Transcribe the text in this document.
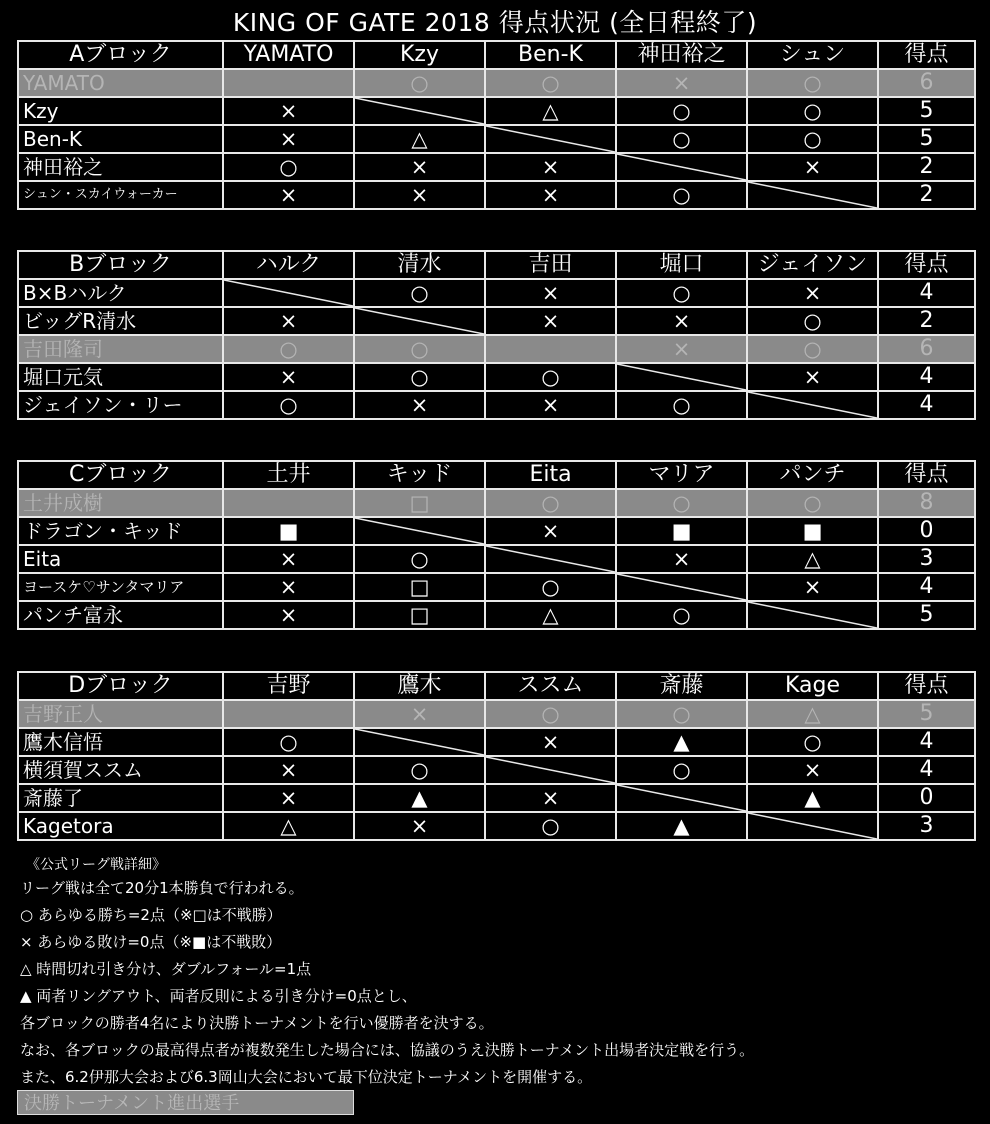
KING OF GATE 2018 得点状況 (全日程終了)
Aブロック	YAMATO	Kzy	Ben-K	神田裕之	シュン	得点
YAMATO		○	○	×	○	6
Kzy	×		△	○	○	5
Ben-K	×	△		○	○	5
神田裕之	○	×	×		×	2
シュン・スカイウォーカー	×	×	×	○		2
Bブロック	ハルク	清水	吉田	堀口	ジェイソン	得点
B×Bハルク		○	×	○	×	4
ビッグR清水	×		×	×	○	2
吉田隆司	○	○		×	○	6
堀口元気	×	○	○		×	4
ジェイソン・リー	○	×	×	○		4
Cブロック	土井	キッド	Eita	マリア	パンチ	得点
土井成樹		□	○	○	○	8
ドラゴン・キッド	■		×	■	■	0
Eita	×	○		×	△	3
ヨースケ♡サンタマリア	×	□	○		×	4
パンチ富永	×	□	△	○		5
Dブロック	吉野	鷹木	ススム	斎藤	Kage	得点
吉野正人		×	○	○	△	5
鷹木信悟	○		×	▲	○	4
横須賀ススム	×	○		○	×	4
斎藤了	×	▲	×		▲	0
Kagetora	△	×	○	▲		3
《公式リーグ戦詳細》
リーグ戦は全て20分1本勝負で行われる。
○ あらゆる勝ち=2点（※□は不戦勝）
× あらゆる敗け=0点（※■は不戦敗）
△ 時間切れ引き分け、ダブルフォール=1点
▲ 両者リングアウト、両者反則による引き分け=0点とし、
各ブロックの勝者4名により決勝トーナメントを行い優勝者を決する。
なお、各ブロックの最高得点者が複数発生した場合には、協議のうえ決勝トーナメント出場者決定戦を行う。
また、6.2伊那大会および6.3岡山大会において最下位決定トーナメントを開催する。
決勝トーナメント進出選手
